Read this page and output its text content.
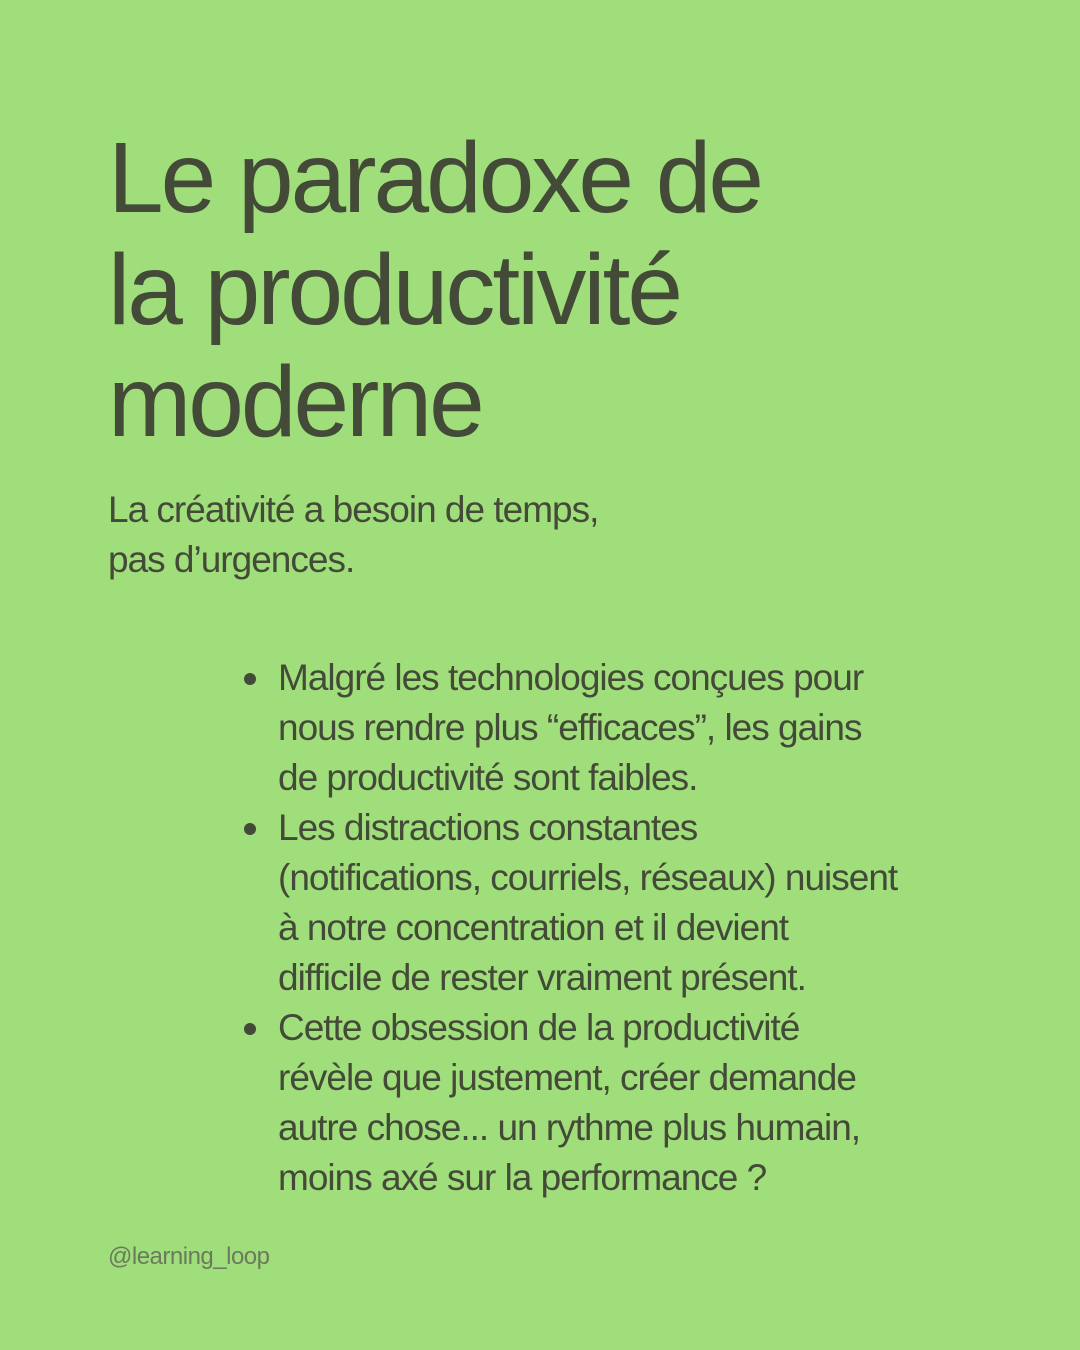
Le paradoxe de
la productivité
moderne

La créativité a besoin de temps,
pas d’urgences.

Malgré les technologies conçues pour
nous rendre plus “efficaces”, les gains
de productivité sont faibles.
Les distractions constantes
(notifications, courriels, réseaux) nuisent
à notre concentration et il devient
difficile de rester vraiment présent.
Cette obsession de la productivité
révèle que justement, créer demande
autre chose... un rythme plus humain,
moins axé sur la performance ?

@learning_loop
